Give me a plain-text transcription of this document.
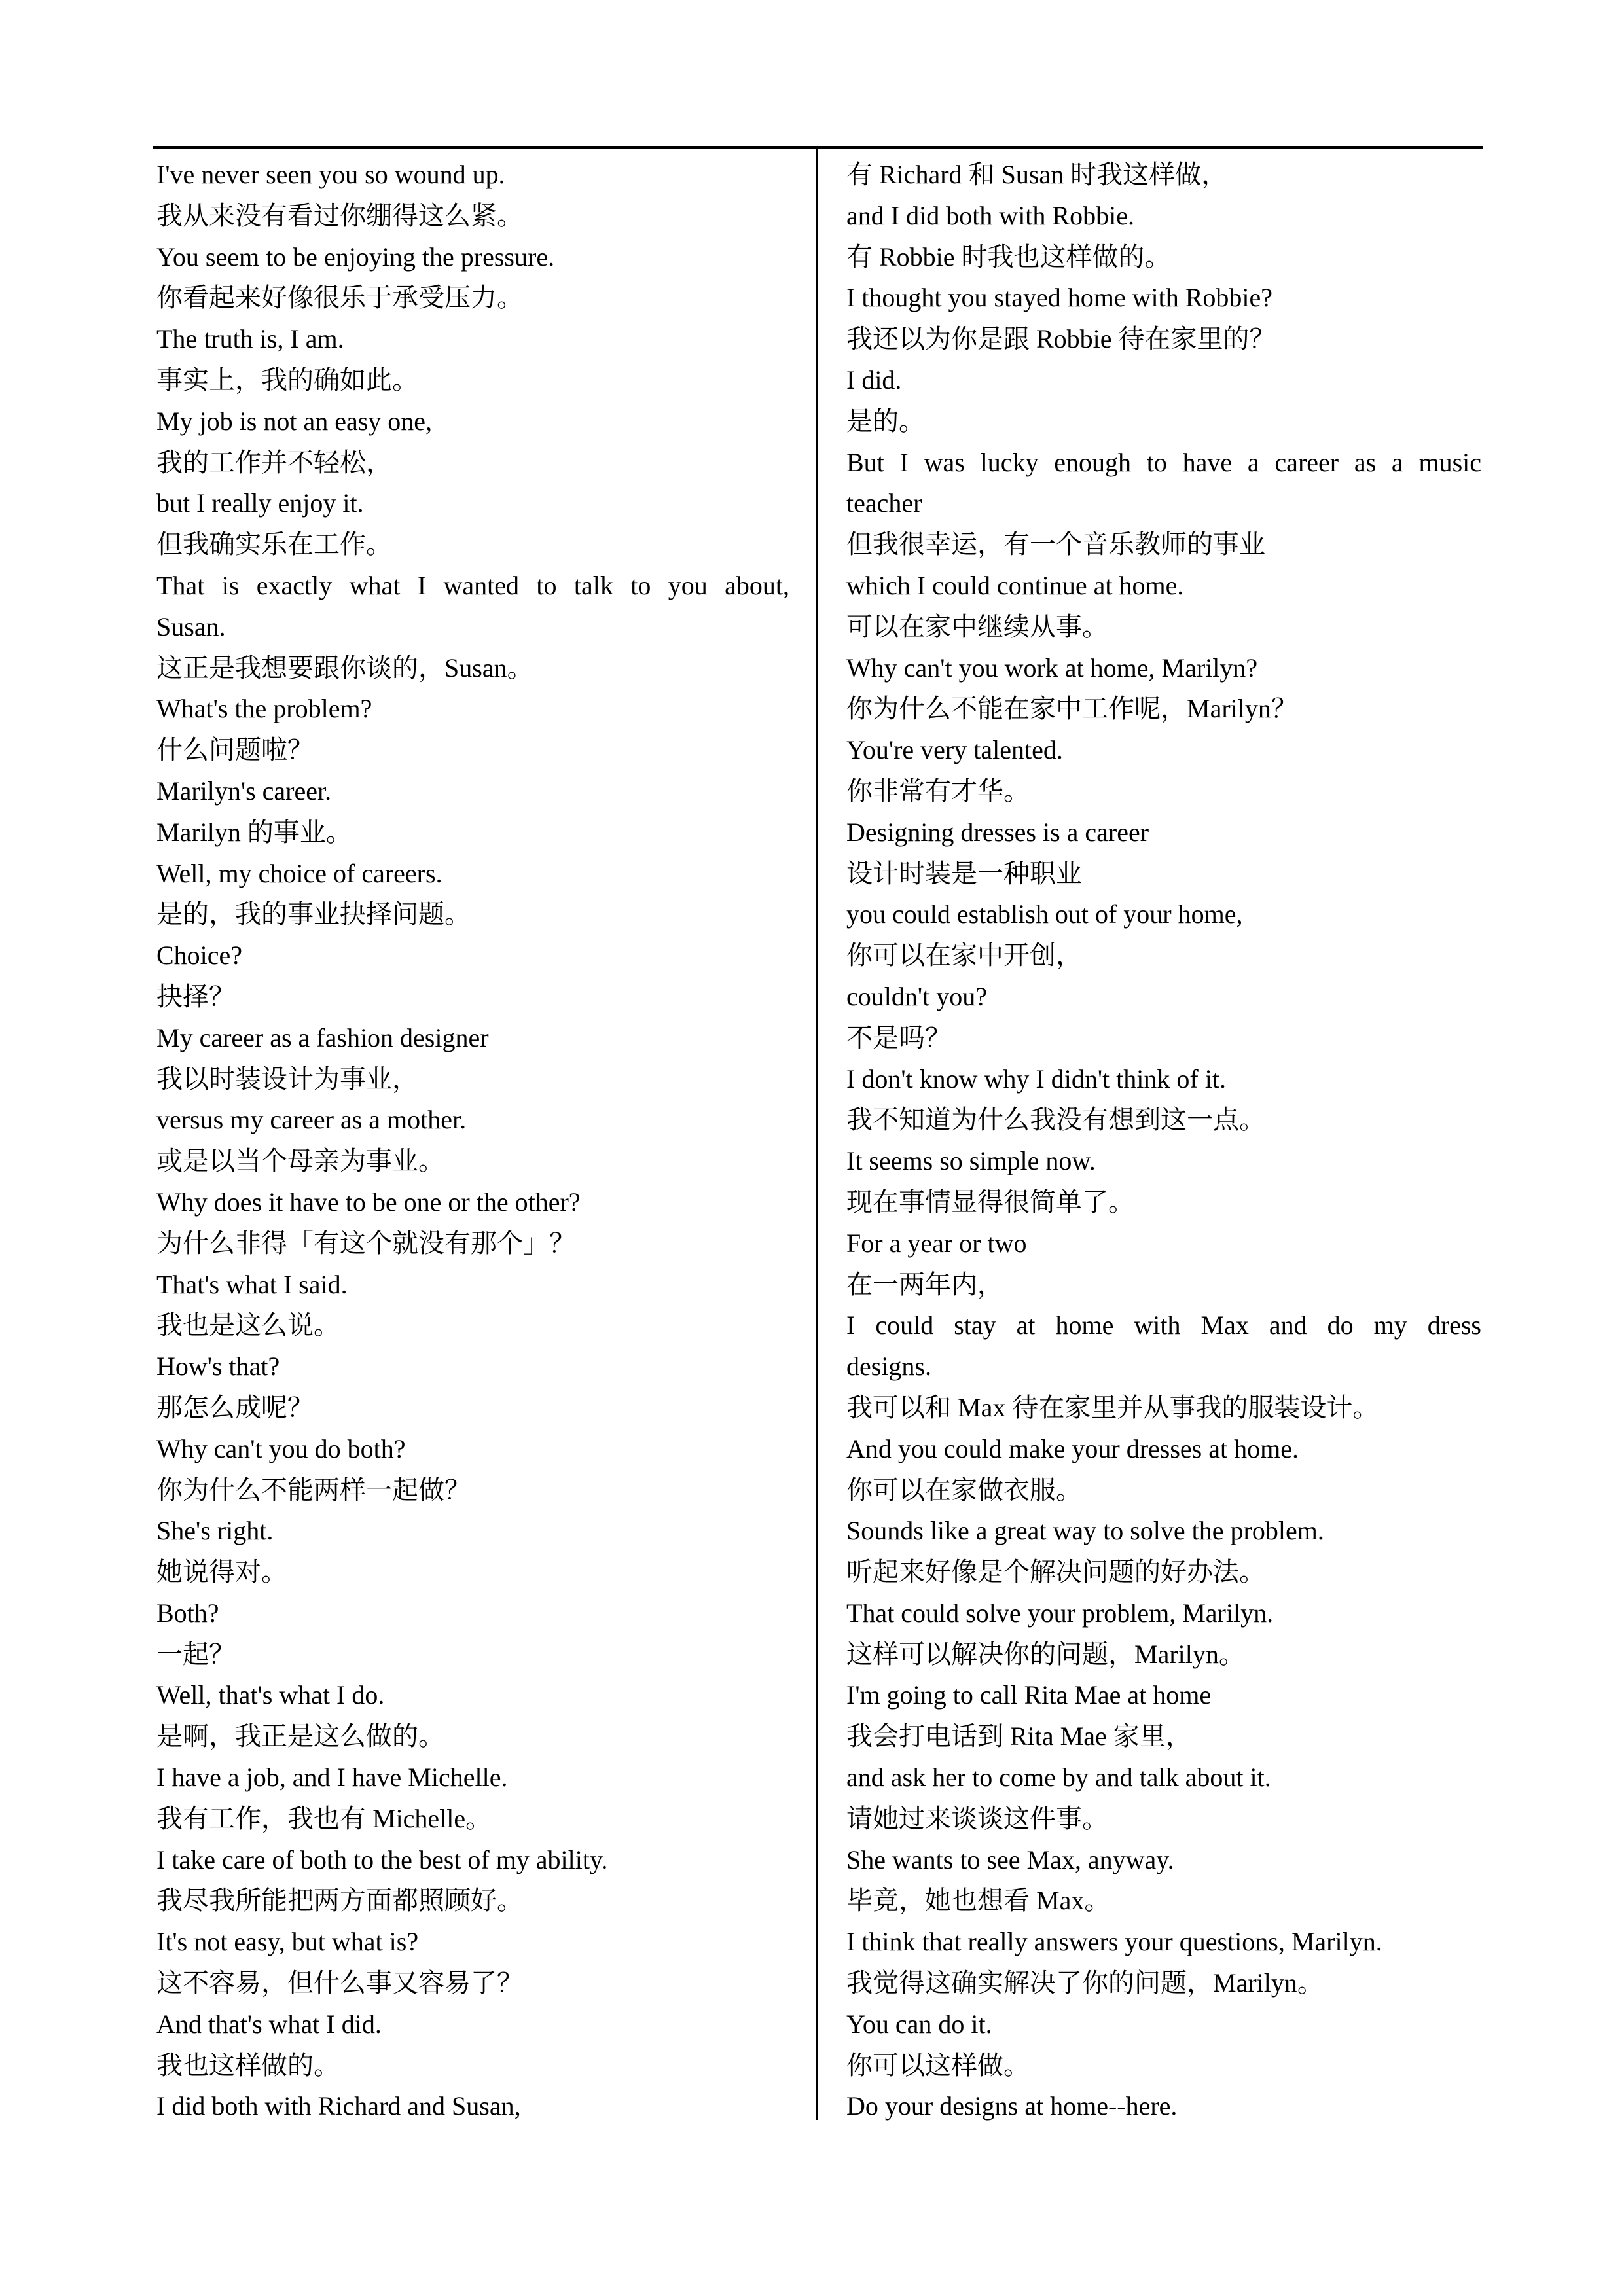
I've never seen you so wound up.
我从来没有看过你绷得这么紧。
You seem to be enjoying the pressure.
你看起来好像很乐于承受压力。
The truth is, I am.
事实上，我的确如此。
My job is not an easy one,
我的工作并不轻松，
but I really enjoy it.
但我确实乐在工作。
That is exactly what I wanted to talk to you about,
Susan.
这正是我想要跟你谈的，Susan。
What's the problem?
什么问题啦？
Marilyn's career.
Marilyn 的事业。
Well, my choice of careers.
是的，我的事业抉择问题。
Choice?
抉择？
My career as a fashion designer
我以时装设计为事业，
versus my career as a mother.
或是以当个母亲为事业。
Why does it have to be one or the other?
为什么非得「有这个就没有那个」？
That's what I said.
我也是这么说。
How's that?
那怎么成呢？
Why can't you do both?
你为什么不能两样一起做？
She's right.
她说得对。
Both?
一起？
Well, that's what I do.
是啊，我正是这么做的。
I have a job, and I have Michelle.
我有工作，我也有 Michelle。
I take care of both to the best of my ability.
我尽我所能把两方面都照顾好。
It's not easy, but what is?
这不容易，但什么事又容易了？
And that's what I did.
我也这样做的。
I did both with Richard and Susan,
有 Richard 和 Susan 时我这样做，
and I did both with Robbie.
有 Robbie 时我也这样做的。
I thought you stayed home with Robbie?
我还以为你是跟 Robbie 待在家里的？
I did.
是的。
But I was lucky enough to have a career as a music
teacher
但我很幸运，有一个音乐教师的事业
which I could continue at home.
可以在家中继续从事。
Why can't you work at home, Marilyn?
你为什么不能在家中工作呢，Marilyn？
You're very talented.
你非常有才华。
Designing dresses is a career
设计时装是一种职业
you could establish out of your home,
你可以在家中开创，
couldn't you?
不是吗？
I don't know why I didn't think of it.
我不知道为什么我没有想到这一点。
It seems so simple now.
现在事情显得很简单了。
For a year or two
在一两年内，
I could stay at home with Max and do my dress
designs.
我可以和 Max 待在家里并从事我的服装设计。
And you could make your dresses at home.
你可以在家做衣服。
Sounds like a great way to solve the problem.
听起来好像是个解决问题的好办法。
That could solve your problem, Marilyn.
这样可以解决你的问题，Marilyn。
I'm going to call Rita Mae at home
我会打电话到 Rita Mae 家里，
and ask her to come by and talk about it.
请她过来谈谈这件事。
She wants to see Max, anyway.
毕竟，她也想看 Max。
I think that really answers your questions, Marilyn.
我觉得这确实解决了你的问题，Marilyn。
You can do it.
你可以这样做。
Do your designs at home--here.
